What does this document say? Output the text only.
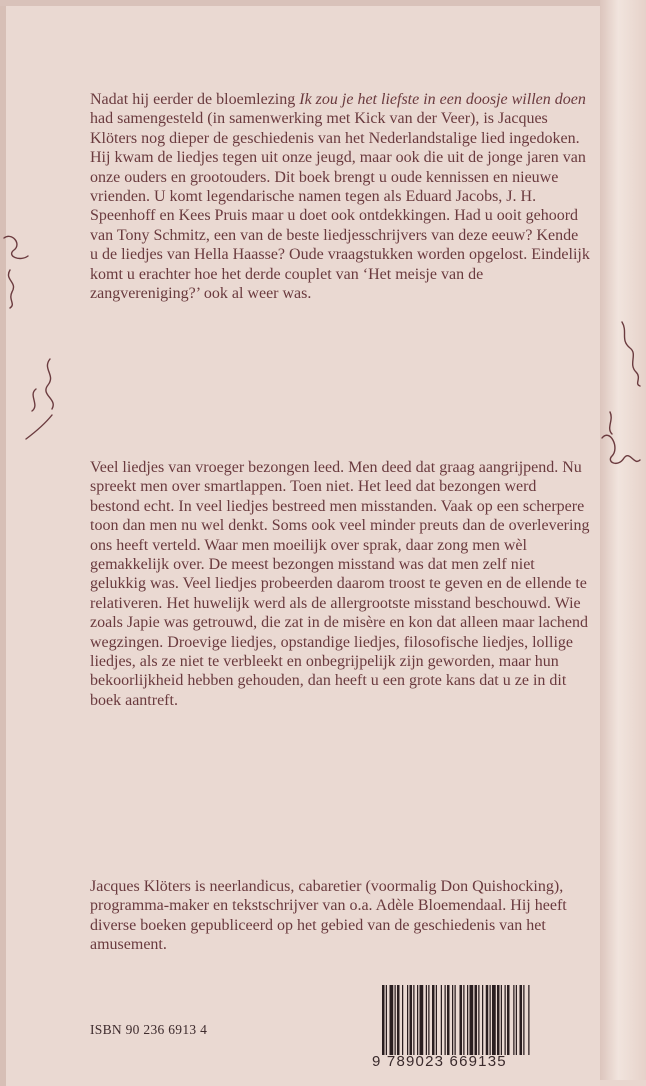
Nadat hij eerder de bloemlezing Ik zou je het liefste in een doosje willen doen had samengesteld (in samenwerking met Kick van der Veer), is Jacques Klöters nog dieper de geschiedenis van het Nederlandstalige lied ingedoken.

Hij kwam de liedjes tegen uit onze jeugd, maar ook die uit de jonge jaren van onze ouders en grootouders. Dit boek brengt u oude kennissen en nieuwe vrienden. U komt legendarische namen tegen als Eduard Jacobs, J. H. Speenhoff en Kees Pruis maar u doet ook ontdekkingen. Had u ooit gehoord van Tony Schmitz, een van de beste liedjesschrijvers van deze eeuw? Kende u de liedjes van Hella Haasse? Oude vraagstukken worden opgelost. Eindelijk komt u erachter hoe het derde couplet van ‘Het meisje van de zangvereniging?’ ook al weer was.

Veel liedjes van vroeger bezongen leed. Men deed dat graag aangrijpend. Nu spreekt men over smartlappen. Toen niet. Het leed dat bezongen werd bestond echt. In veel liedjes bestreed men misstanden. Vaak op een scherpere toon dan men nu wel denkt. Soms ook veel minder preuts dan de overlevering ons heeft verteld. Waar men moeilijk over sprak, daar zong men wèl gemakkelijk over. De meest bezongen misstand was dat men zelf niet gelukkig was. Veel liedjes probeerden daarom troost te geven en de ellende te relativeren. Het huwelijk werd als de allergrootste misstand beschouwd. Wie zoals Japie was getrouwd, die zat in de misère en kon dat alleen maar lachend wegzingen. Droevige liedjes, opstandige liedjes, filosofische liedjes, lollige liedjes, als ze niet te verbleekt en onbegrijpelijk zijn geworden, maar hun bekoorlijkheid hebben gehouden, dan heeft u een grote kans dat u ze in dit boek aantreft.

Jacques Klöters is neerlandicus, cabaretier (voormalig Don Quishocking), programma-maker en tekstschrijver van o.a. Adèle Bloemendaal. Hij heeft diverse boeken gepubliceerd op het gebied van de geschiedenis van het amusement.

ISBN 90 236 6913 4
9 789023 669135
